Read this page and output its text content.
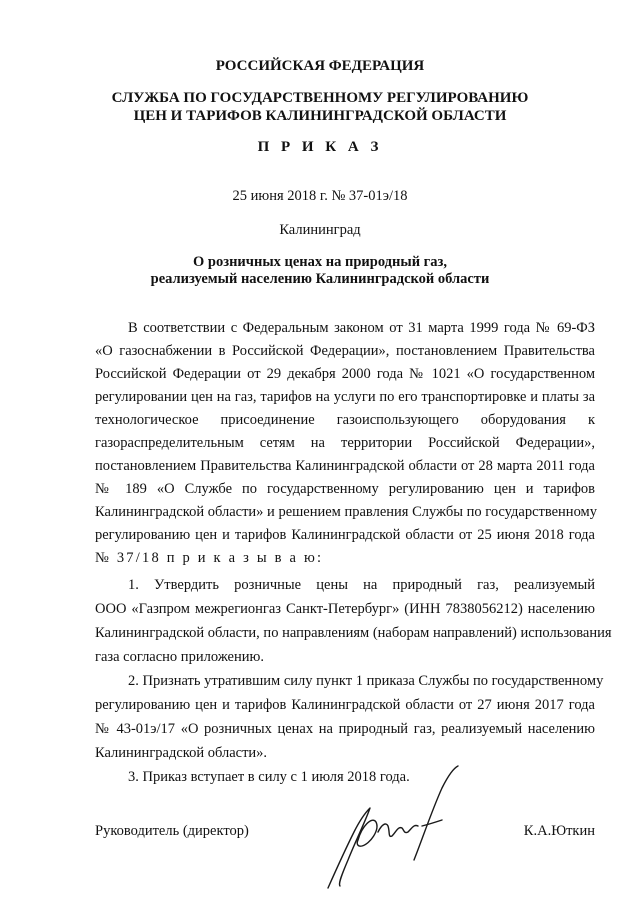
РОССИЙСКАЯ ФЕДЕРАЦИЯ
СЛУЖБА ПО ГОСУДАРСТВЕННОМУ РЕГУЛИРОВАНИЮ
ЦЕН И ТАРИФОВ КАЛИНИНГРАДСКОЙ ОБЛАСТИ
П Р И К А З
25 июня 2018 г. № 37-01э/18
Калининград
О розничных ценах на природный газ,
реализуемый населению Калининградской области
В соответствии с Федеральным законом от 31 марта 1999 года № 69-ФЗ
«О газоснабжении в Российской Федерации», постановлением Правительства
Российской Федерации от 29 декабря 2000 года № 1021 «О государственном
регулировании цен на газ, тарифов на услуги по его транспортировке и платы за
технологическое присоединение газоиспользующего оборудования к
газораспределительным сетям на территории Российской Федерации»,
постановлением Правительства Калининградской области от 28 марта 2011 года
№ 189 «О Службе по государственному регулированию цен и тарифов
Калининградской области» и решением правления Службы по государственному
регулированию цен и тарифов Калининградской области от 25 июня 2018 года
№ 37/18 п р и к а з ы в а ю:
1. Утвердить розничные цены на природный газ, реализуемый
ООО «Газпром межрегионгаз Санкт-Петербург» (ИНН 7838056212) населению
Калининградской области, по направлениям (наборам направлений) использования
газа согласно приложению.
2. Признать утратившим силу пункт 1 приказа Службы по государственному
регулированию цен и тарифов Калининградской области от 27 июня 2017 года
№ 43-01э/17 «О розничных ценах на природный газ, реализуемый населению
Калининградской области».
3. Приказ вступает в силу с 1 июля 2018 года.
Руководитель (директор)	К.А.Юткин
